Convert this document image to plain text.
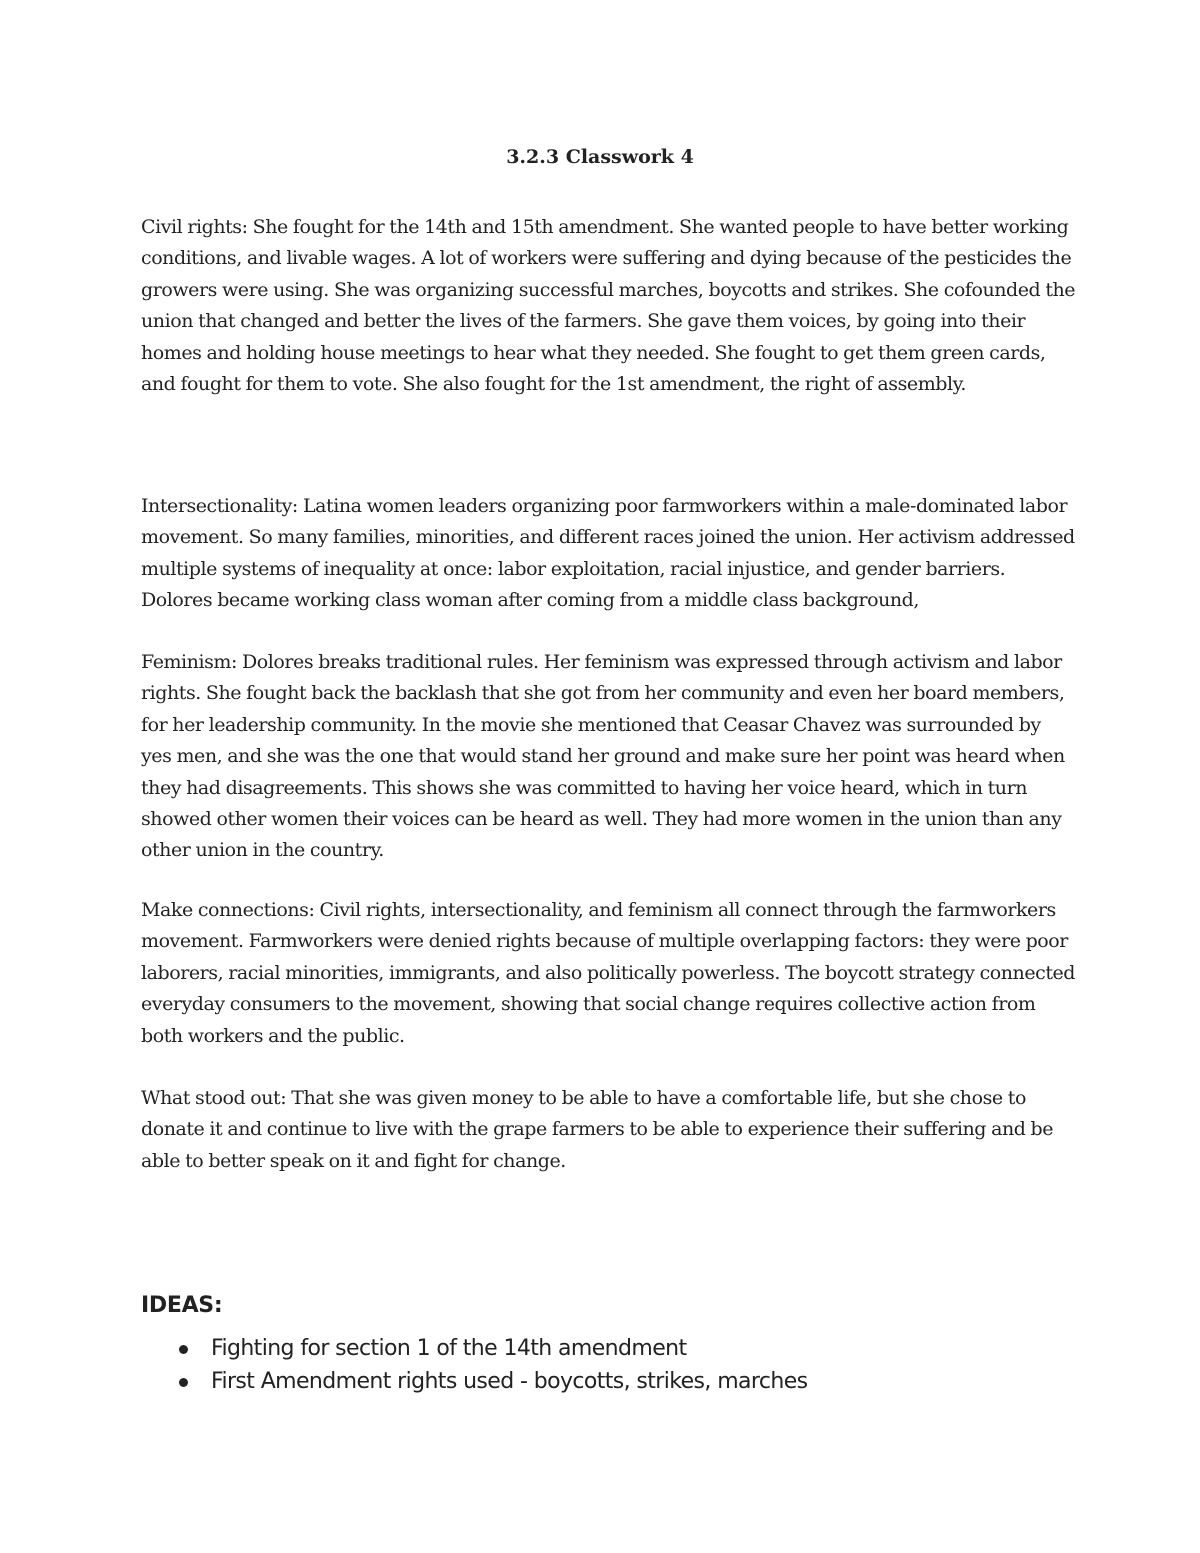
3.2.3 Classwork 4

Civil rights: She fought for the 14th and 15th amendment. She wanted people to have better working conditions, and livable wages. A lot of workers were suffering and dying because of the pesticides the growers were using. She was organizing successful marches, boycotts and strikes. She cofounded the union that changed and better the lives of the farmers. She gave them voices, by going into their homes and holding house meetings to hear what they needed. She fought to get them green cards, and fought for them to vote. She also fought for the 1st amendment, the right of assembly.

Intersectionality: Latina women leaders organizing poor farmworkers within a male-dominated labor movement. So many families, minorities, and different races joined the union. Her activism addressed multiple systems of inequality at once: labor exploitation, racial injustice, and gender barriers. Dolores became working class woman after coming from a middle class background,

Feminism: Dolores breaks traditional rules. Her feminism was expressed through activism and labor rights. She fought back the backlash that she got from her community and even her board members, for her leadership community. In the movie she mentioned that Ceasar Chavez was surrounded by yes men, and she was the one that would stand her ground and make sure her point was heard when they had disagreements. This shows she was committed to having her voice heard, which in turn showed other women their voices can be heard as well. They had more women in the union than any other union in the country.

Make connections: Civil rights, intersectionality, and feminism all connect through the farmworkers movement. Farmworkers were denied rights because of multiple overlapping factors: they were poor laborers, racial minorities, immigrants, and also politically powerless. The boycott strategy connected everyday consumers to the movement, showing that social change requires collective action from both workers and the public.

What stood out: That she was given money to be able to have a comfortable life, but she chose to donate it and continue to live with the grape farmers to be able to experience their suffering and be able to better speak on it and fight for change.

IDEAS:
Fighting for section 1 of the 14th amendment
First Amendment rights used - boycotts, strikes, marches
